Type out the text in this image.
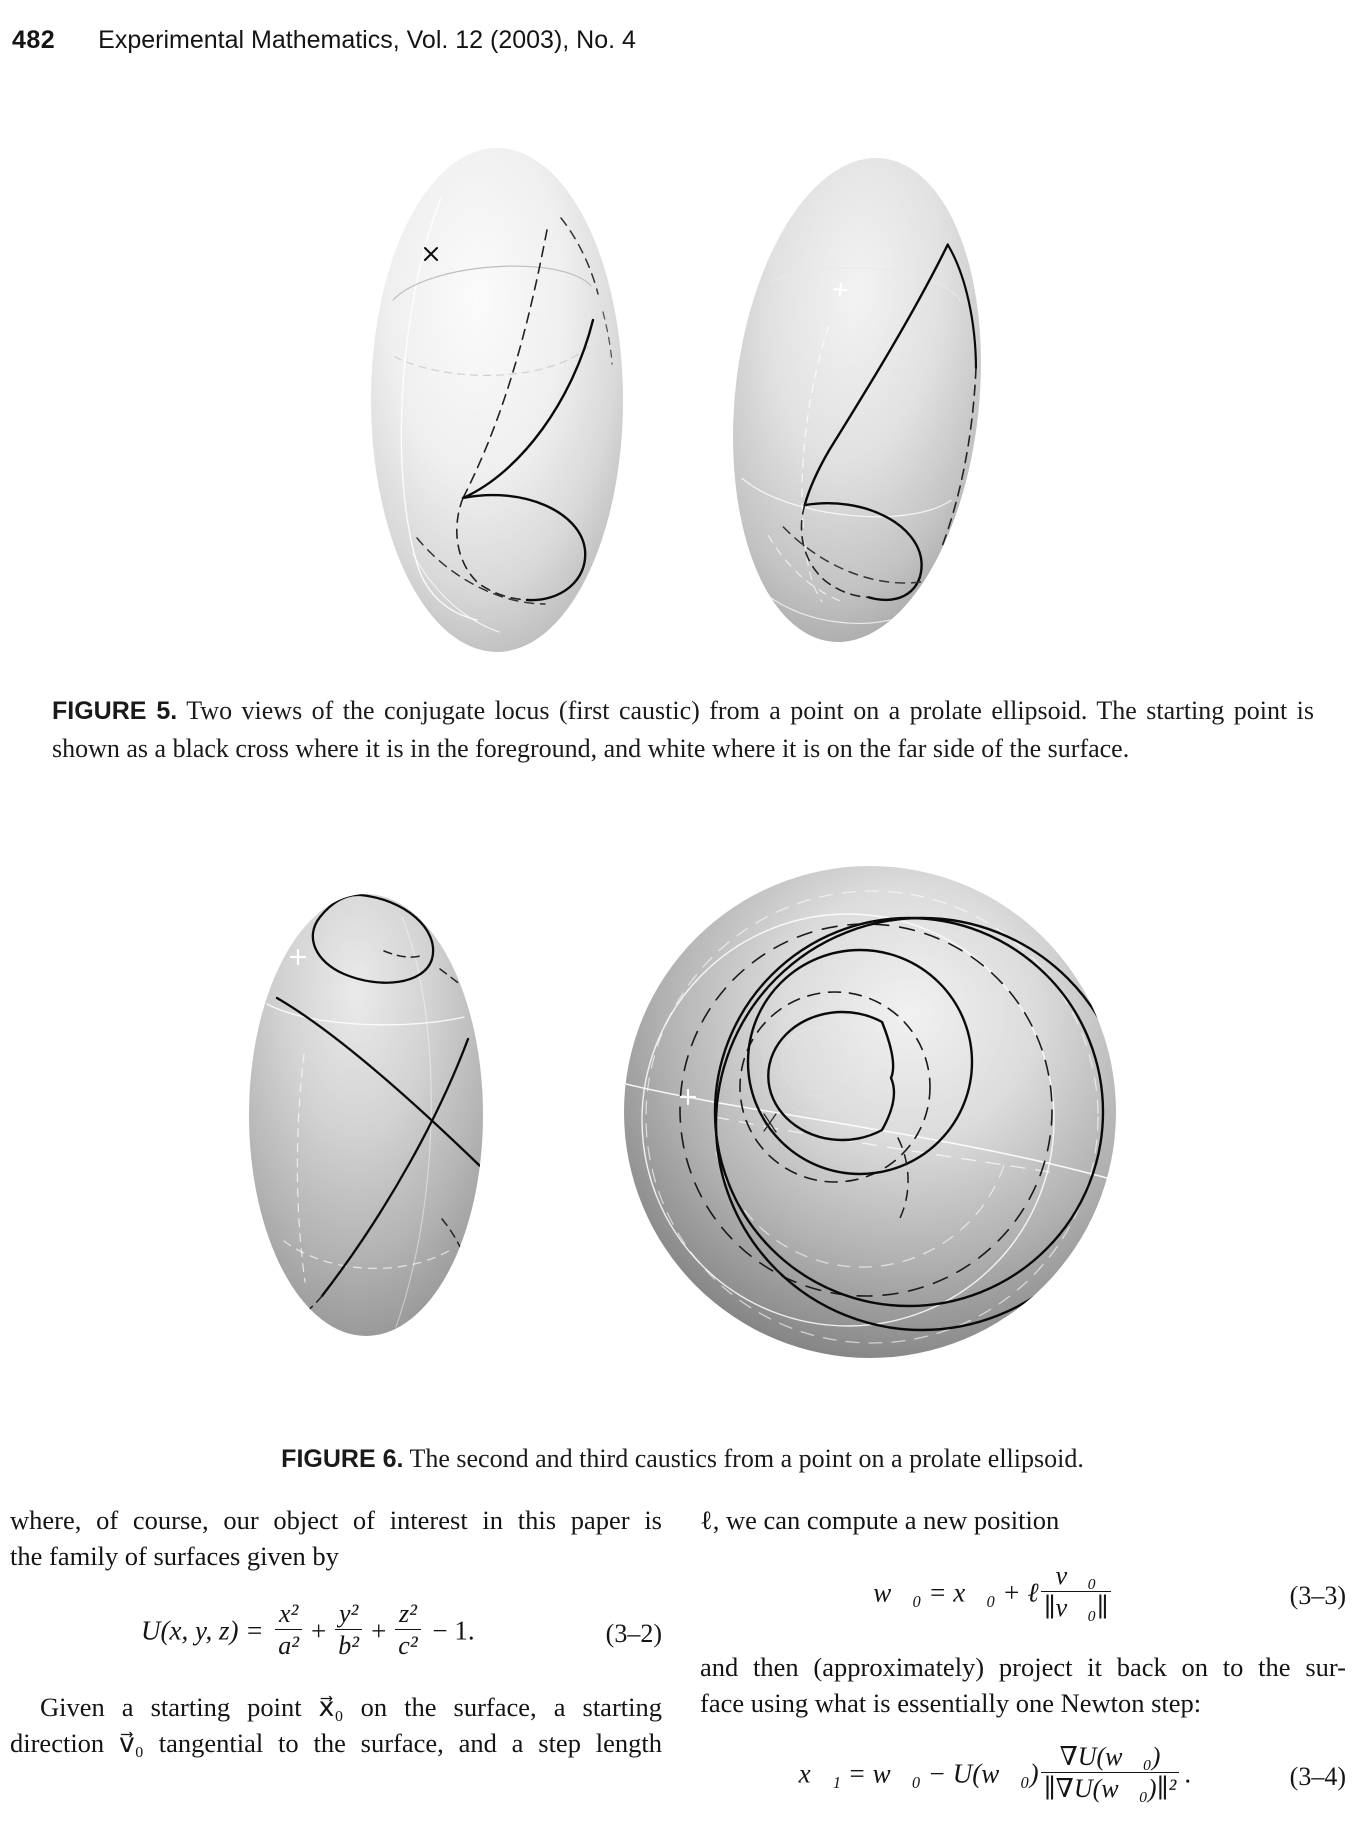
482 Experimental Mathematics, Vol. 12 (2003), No. 4
FIGURE 5. Two views of the conjugate locus (first caustic) from a point on a prolate ellipsoid. The starting point is
shown as a black cross where it is in the foreground, and white where it is on the far side of the surface.
FIGURE 6. The second and third caustics from a point on a prolate ellipsoid.
where, of course, our object of interest in this paper is
the family of surfaces given by
U(x, y, $z) = \frac{\text{x²}}{\text{a²}} + \frac{\text{y²}}{\text{b²}} + \frac{\text{z²}}{\text{c²}} - 1$.	(3–2)
Given a starting point x⃗₀ on the surface, a starting
direction v⃗₀ tangential to the surface, and a step length
ℓ, we can compute a new position
w⃗₀ = x⃗₀ + ℓ $\frac{\text{v⃗₀}}{\text{∥v⃗₀∥}}$	(3–3)
and then (approximately) project it back on to the sur-
face using what is essentially one Newton step:
x⃗₁ = w⃗₀ − U(w⃗₀) $\frac{\text{∇U(w⃗₀)}}{\text{∥∇U(w⃗₀)∥²}}$ .	(3–4)
